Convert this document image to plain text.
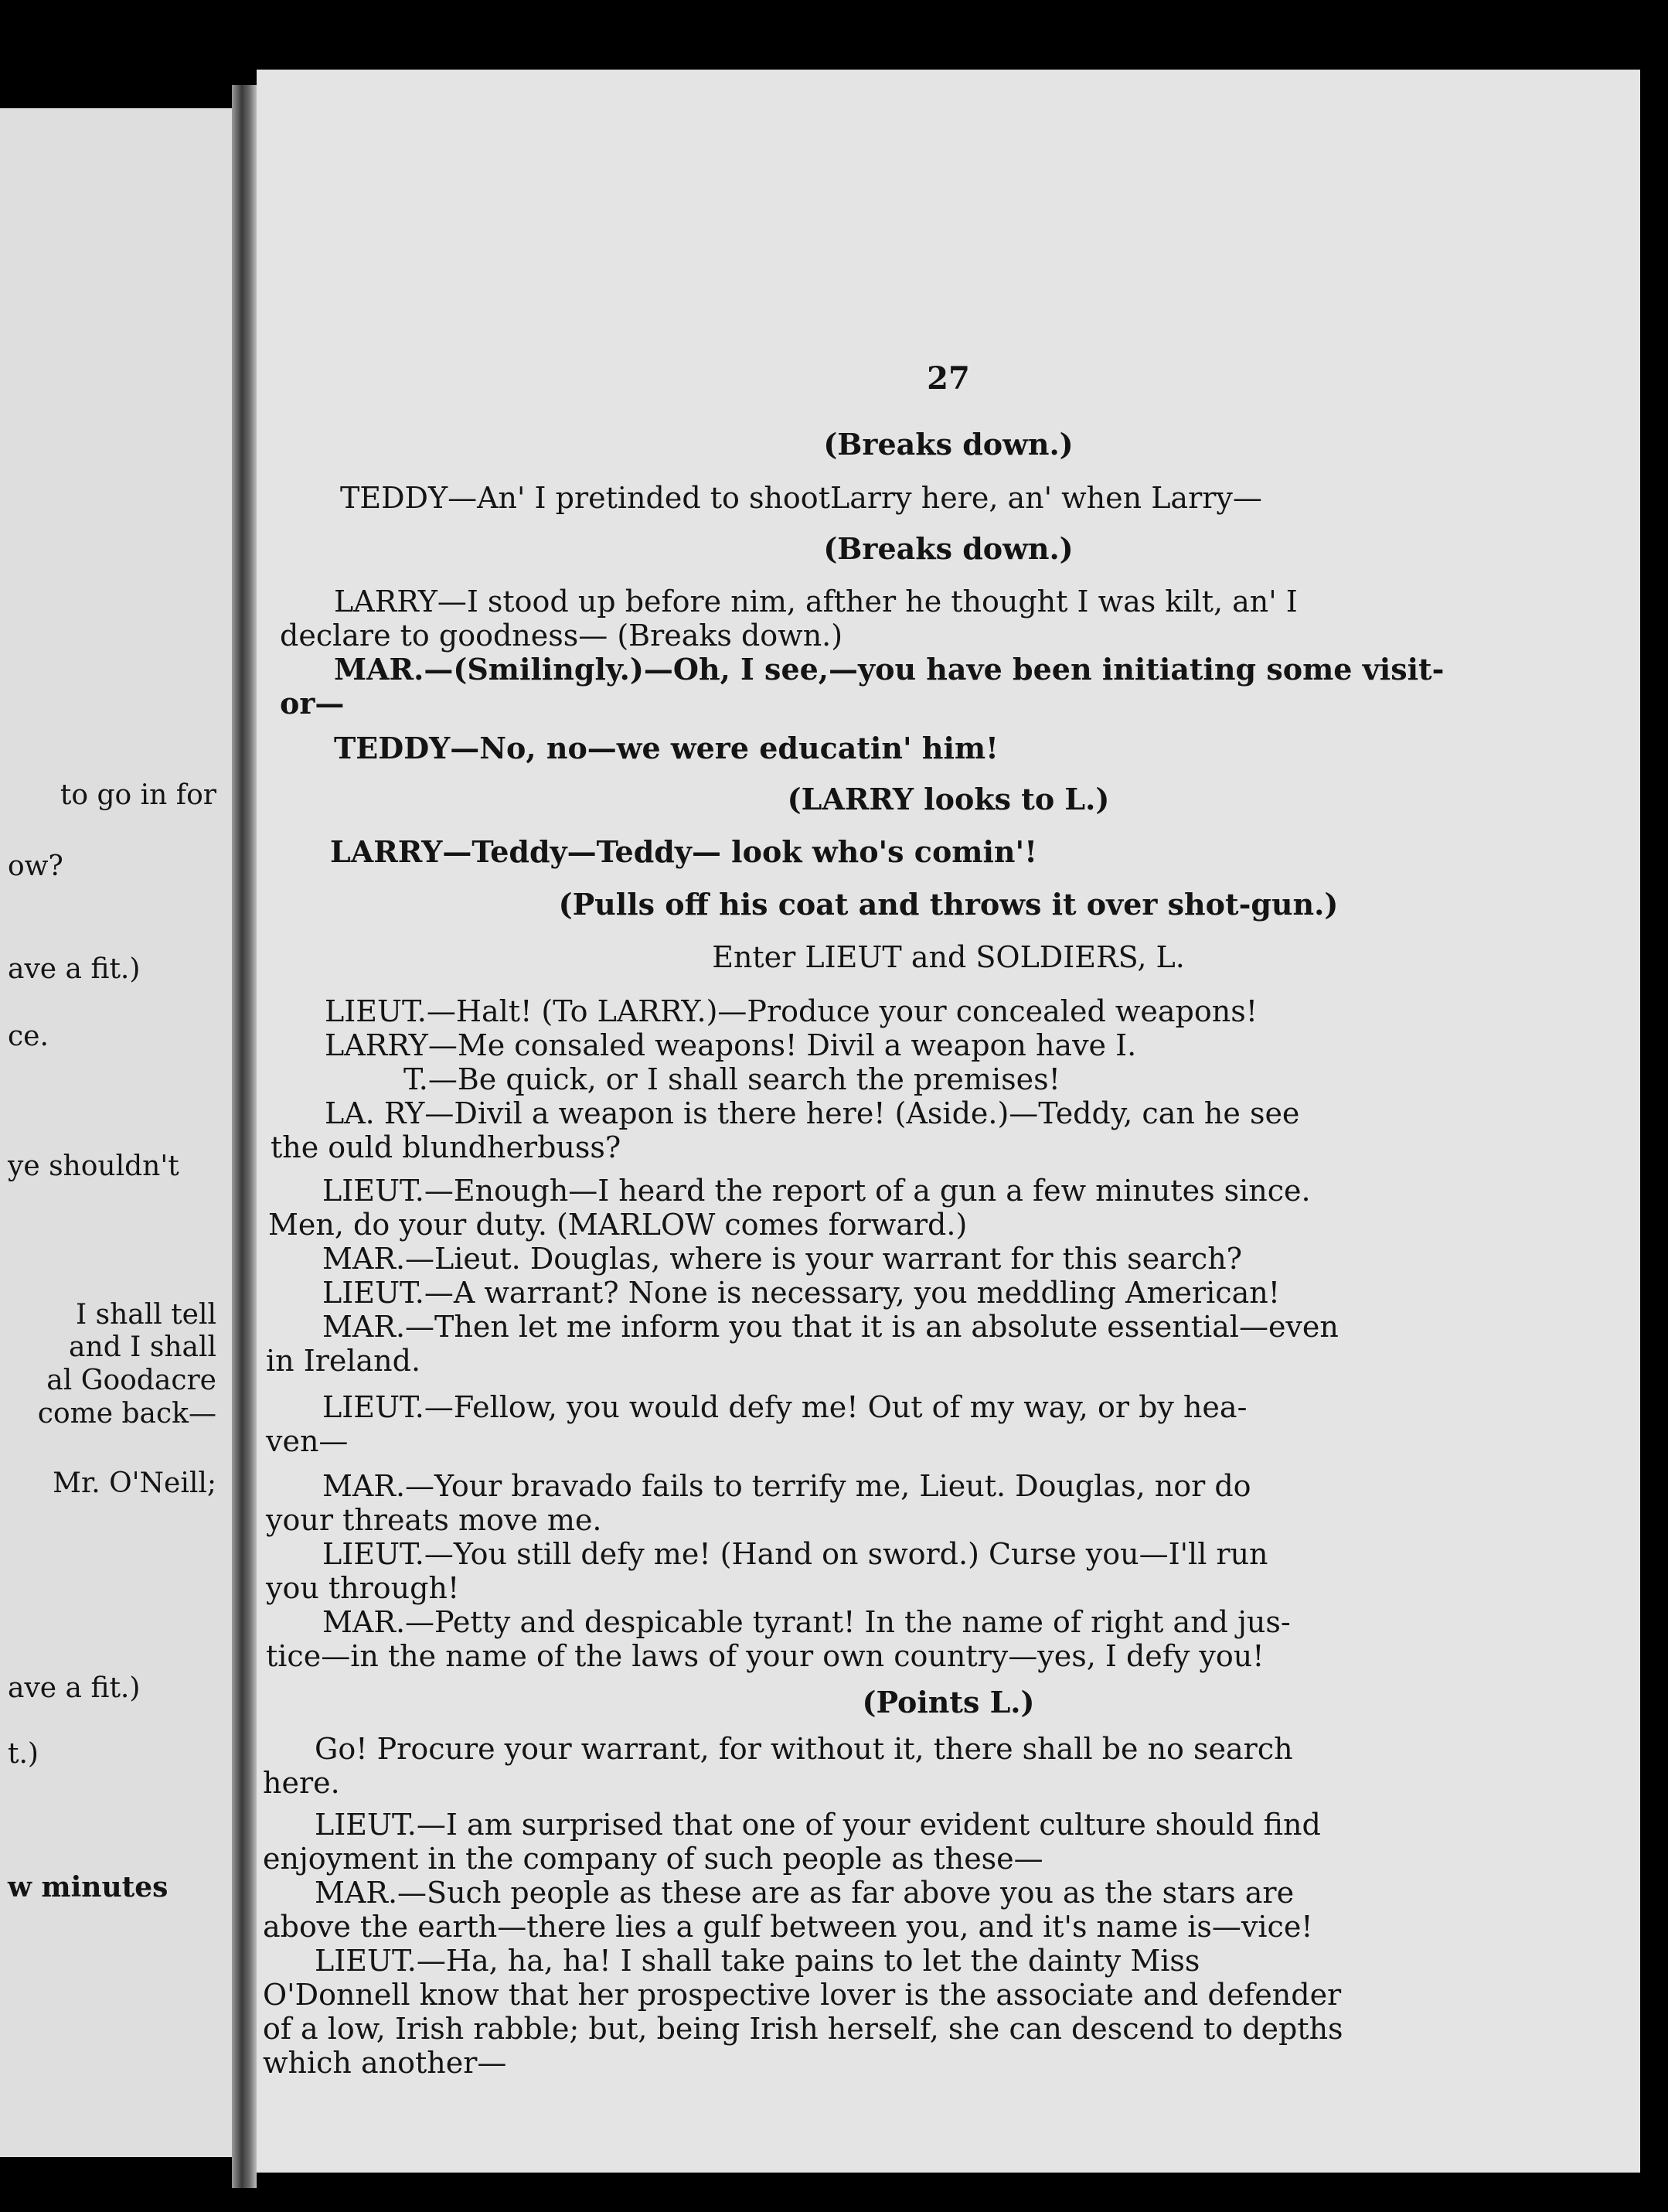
to go in for
ow?
ave a fit.)
ce.
ye shouldn't
I shall tell
and I shall
al Goodacre
come back—
Mr. O'Neill;
ave a fit.)
t.)
w minutes
27
(Breaks down.)
TEDDY—An' I pretinded to shootLarry here, an' when Larry—
(Breaks down.)
LARRY—I stood up before nim, afther he thought I was kilt, an' I
declare to goodness— (Breaks down.)
MAR.—(Smilingly.)—Oh, I see,—you have been initiating some visit-
or—
TEDDY—No, no—we were educatin' him!
(LARRY looks to L.)
LARRY—Teddy—Teddy— look who's comin'!
(Pulls off his coat and throws it over shot-gun.)
Enter LIEUT and SOLDIERS, L.
LIEUT.—Halt! (To LARRY.)—Produce your concealed weapons!
LARRY—Me consaled weapons! Divil a weapon have I.
T.—Be quick, or I shall search the premises!
LA. RY—Divil a weapon is there here! (Aside.)—Teddy, can he see
the ould blundherbuss?
LIEUT.—Enough—I heard the report of a gun a few minutes since.
Men, do your duty. (MARLOW comes forward.)
MAR.—Lieut. Douglas, where is your warrant for this search?
LIEUT.—A warrant? None is necessary, you meddling American!
MAR.—Then let me inform you that it is an absolute essential—even
in Ireland.
LIEUT.—Fellow, you would defy me! Out of my way, or by hea-
ven—
MAR.—Your bravado fails to terrify me, Lieut. Douglas, nor do
your threats move me.
LIEUT.—You still defy me! (Hand on sword.) Curse you—I'll run
you through!
MAR.—Petty and despicable tyrant! In the name of right and jus-
tice—in the name of the laws of your own country—yes, I defy you!
(Points L.)
Go! Procure your warrant, for without it, there shall be no search
here.
LIEUT.—I am surprised that one of your evident culture should find
enjoyment in the company of such people as these—
MAR.—Such people as these are as far above you as the stars are
above the earth—there lies a gulf between you, and it's name is—vice!
LIEUT.—Ha, ha, ha! I shall take pains to let the dainty Miss
O'Donnell know that her prospective lover is the associate and defender
of a low, Irish rabble; but, being Irish herself, she can descend to depths
which another—
